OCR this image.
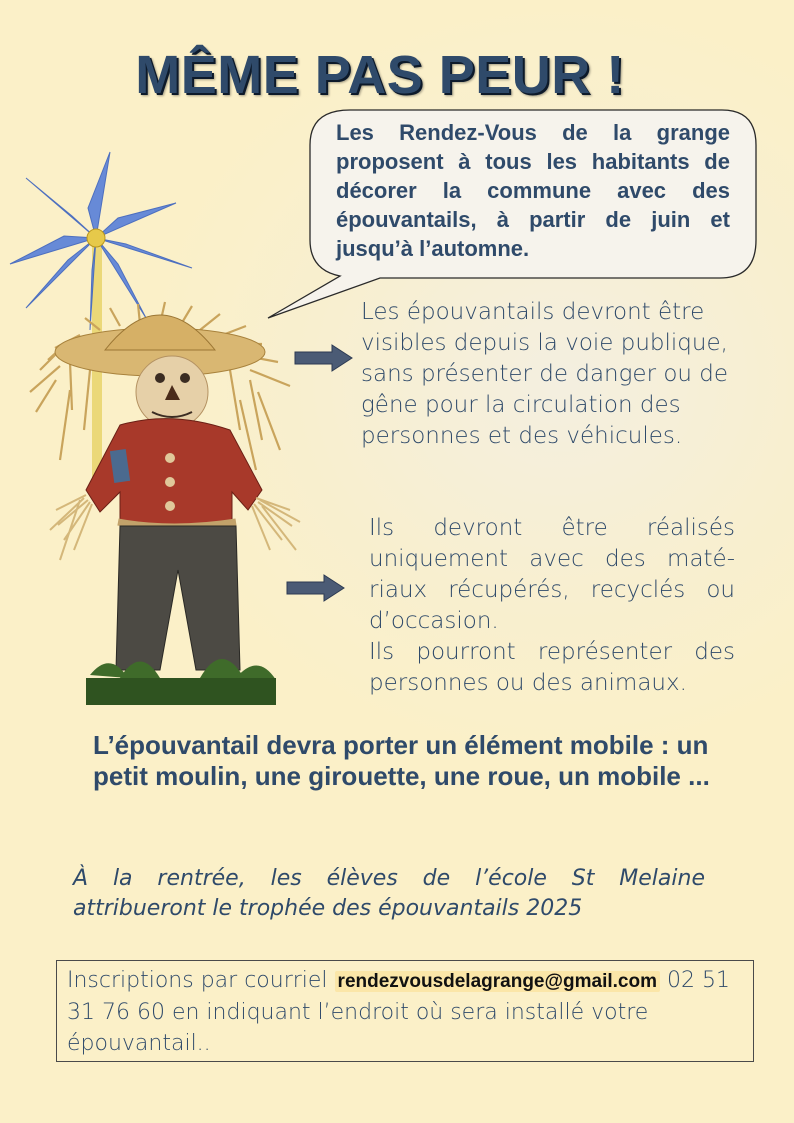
MÊME PAS PEUR !

Les Rendez-Vous de la grange proposent à tous les habitants de décorer la commune avec des épouvantails, à partir de juin et jusqu’à l’automne.

Les épouvantails devront être visibles depuis la voie publique, sans présenter de danger ou de gêne pour la circulation des personnes et des véhicules.

Ils devront être réalisés
uniquement avec des maté-
riaux récupérés, recyclés ou
d’occasion.
Ils pourront représenter des
personnes ou des animaux.

L’épouvantail devra porter un élément mobile : un petit moulin, une girouette, une roue, un mobile ...

À la rentrée, les élèves de l’école St Melaine
attribueront le trophée des épouvantails 2025

Inscriptions par courriel rendezvousdelagrange@gmail.com 02 51 31 76 60 en indiquant l’endroit où sera installé votre épouvantail..
